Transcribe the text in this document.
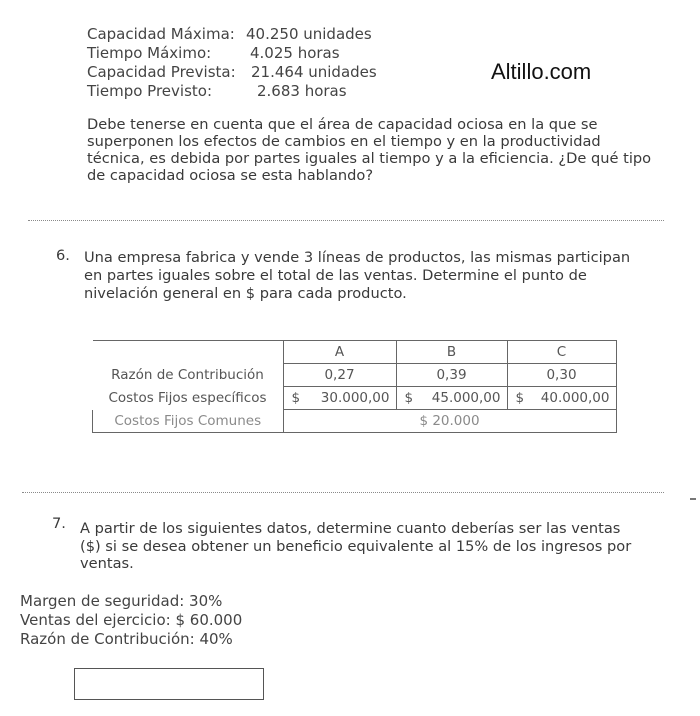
Capacidad Máxima: 40.250 unidades
Tiempo Máximo:	4.025 horas
Capacidad Prevista: 21.464 unidades
Tiempo Previsto:	2.683 horas
Altillo.com
Debe tenerse en cuenta que el área de capacidad ociosa en la que se
superponen los efectos de cambios en el tiempo y en la productividad
técnica, es debida por partes iguales al tiempo y a la eficiencia. ¿De qué tipo
de capacidad ociosa se esta hablando?
6. Una empresa fabrica y vende 3 líneas de productos, las mismas participan
en partes iguales sobre el total de las ventas. Determine el punto de
nivelación general en $ para cada producto.
	A	B	C
Razón de Contribución	0,27	0,39	0,30
Costos Fijos específicos	$ 30.000,00	$ 45.000,00	$ 40.000,00

Costos Fijos Comunes	$ 20.000		
7. A partir de los siguientes datos, determine cuanto deberías ser las ventas
($) si se desea obtener un beneficio equivalente al 15% de los ingresos por
ventas.
Margen de seguridad: 30%
Ventas del ejercicio: $ 60.000
Razón de Contribución: 40%
